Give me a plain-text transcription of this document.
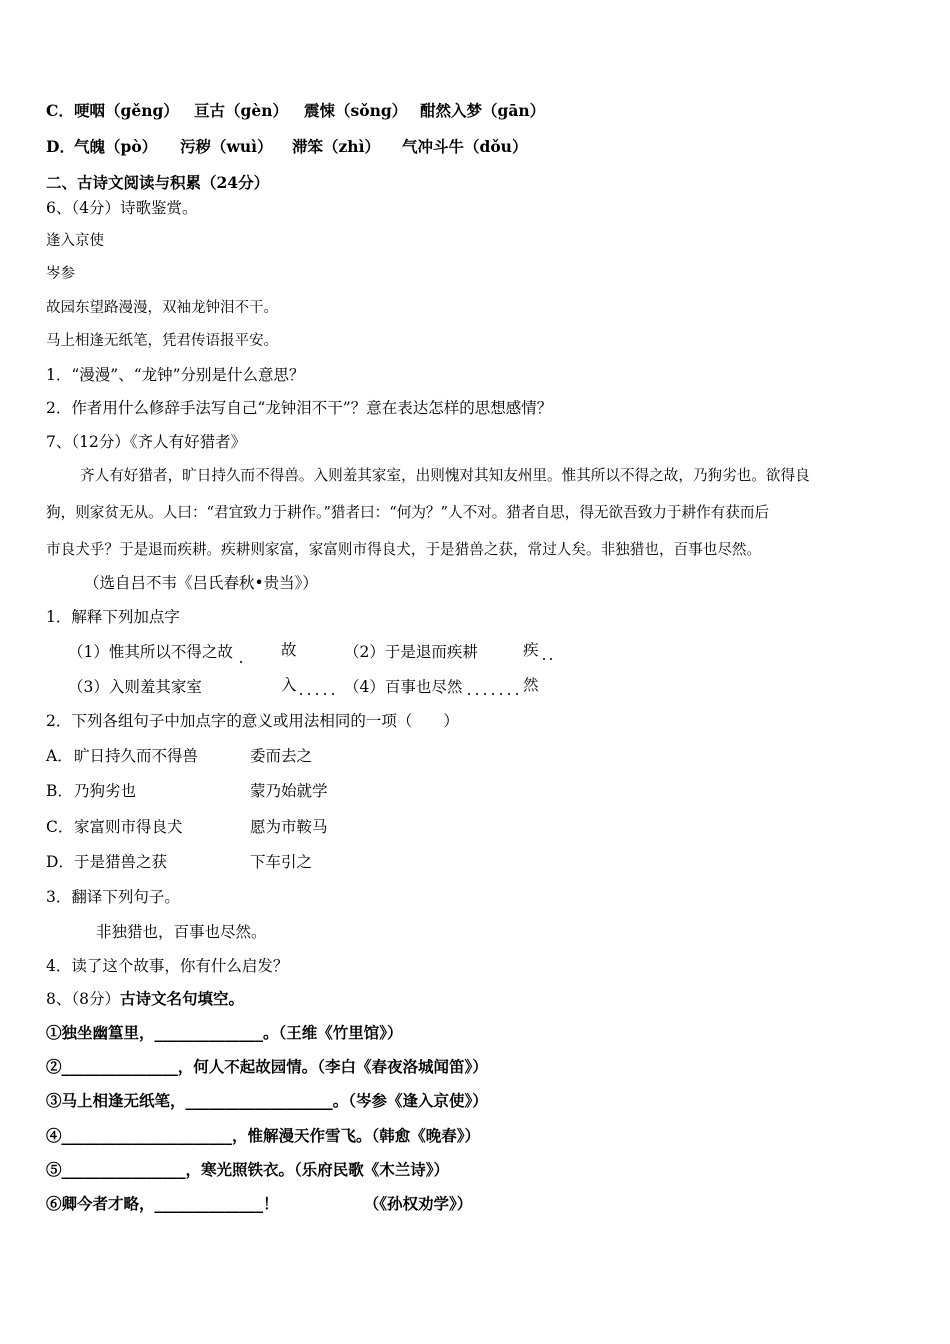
C． 哽咽（gěng） 亘古（gèn） 震悚（sǒng） 酣然入梦（gān）
D． 气魄（pò） 污秽（wuì） 滞笨（zhì） 气冲斗牛（dǒu）
二、古诗文阅读与积累（24分）
6、（4分）诗歌鉴赏。
逢入京使
岑参
故园东望路漫漫，双袖龙钟泪不干。
马上相逢无纸笔，凭君传语报平安。
1．“漫漫”、“龙钟”分别是什么意思？
2．作者用什么修辞手法写自己“龙钟泪不干”？意在表达怎样的思想感情？
7、（12分）《齐人有好猎者》
齐人有好猎者，旷日持久而不得兽。入则羞其家室，出则愧对其知友州里。惟其所以不得之故，乃狗劣也。欲得良
狗，则家贫无从。人曰：“君宜致力于耕作。”猎者曰：“何为？”人不对。猎者自思，得无欲吾致力于耕作有获而后
市良犬乎？于是退而疾耕。疾耕则家富，家富则市得良犬，于是猎兽之获，常过人矣。非独猎也，百事也尽然。
（选自吕不韦《吕氏春秋•贵当》）
1．解释下列加点字
（1）惟其所以不得之故	故	（2）于是退而疾耕	疾
（3）入则羞其家室	入	（4）百事也尽然	然
2．下列各组句子中加点字的意义或用法相同的一项（　　）
A． 旷日持久而不得兽	委而去之
B． 乃狗劣也	蒙乃始就学
C． 家富则市得良犬	愿为市鞍马
D． 于是猎兽之获	下车引之
3．翻译下列句子。
非独猎也，百事也尽然。
4．读了这个故事，你有什么启发？
8、（8分）古诗文名句填空。
①独坐幽篁里，______________。（王维《竹里馆》）
②_______________，何人不起故园情。（李白《春夜洛城闻笛》）
③马上相逢无纸笔，___________________。（岑参《逢入京使》）
④______________________，惟解漫天作雪飞。（韩愈《晚春》）
⑤________________，寒光照铁衣。（乐府民歌《木兰诗》）
⑥卿今者才略，______________！　　　　　　（《孙权劝学》）
